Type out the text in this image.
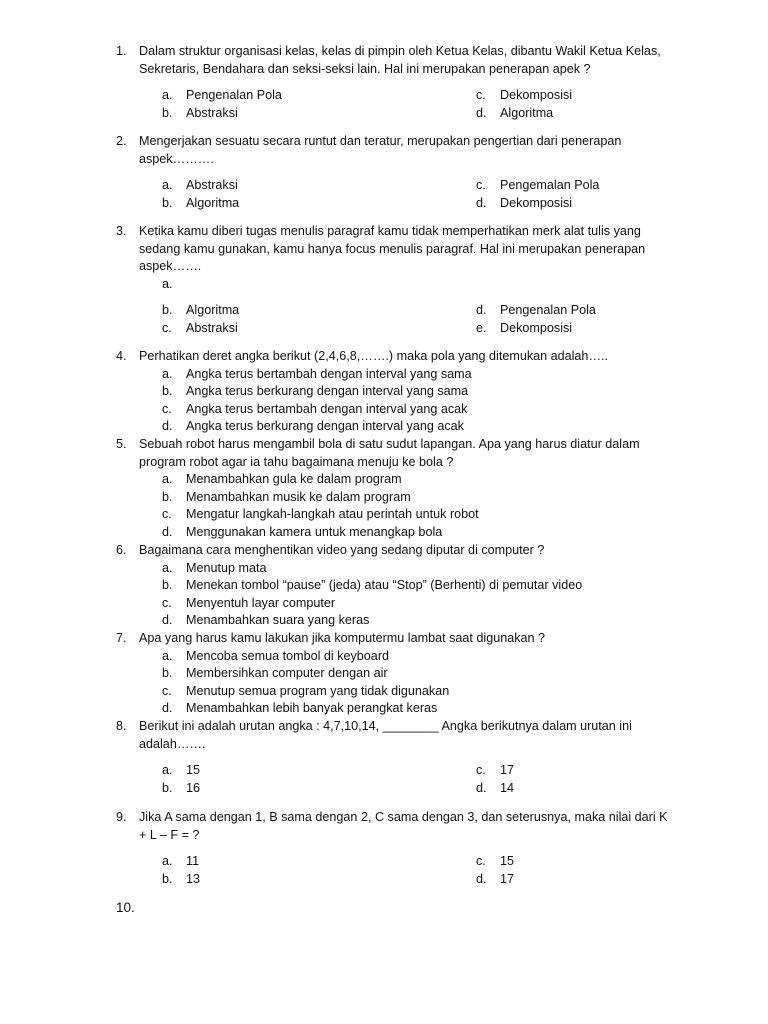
1. Dalam struktur organisasi kelas, kelas di pimpin oleh Ketua Kelas, dibantu Wakil Ketua Kelas, Sekretaris, Bendahara dan seksi-seksi lain. Hal ini merupakan penerapan apek ?
a. Pengenalan Pola	c. Dekomposisi
b. Abstraksi	d. Algoritma
2. Mengerjakan sesuatu secara runtut dan teratur, merupakan pengertian dari penerapan aspek……….
a. Abstraksi	c. Pengemalan Pola
b. Algoritma	d. Dekomposisi
3. Ketika kamu diberi tugas menulis paragraf kamu tidak memperhatikan merk alat tulis yang sedang kamu gunakan, kamu hanya focus menulis paragraf. Hal ini merupakan penerapan aspek…….
a.
b. Algoritma	d. Pengenalan Pola
c. Abstraksi	e. Dekomposisi
4. Perhatikan deret angka berikut (2,4,6,8,…….) maka pola yang ditemukan adalah…..
a. Angka terus bertambah dengan interval yang sama
b. Angka terus berkurang dengan interval yang sama
c. Angka terus bertambah dengan interval yang acak
d. Angka terus berkurang dengan interval yang acak
5. Sebuah robot harus mengambil bola di satu sudut lapangan. Apa yang harus diatur dalam program robot agar ia tahu bagaimana menuju ke bola ?
a. Menambahkan gula ke dalam program
b. Menambahkan musik ke dalam program
c. Mengatur langkah-langkah atau perintah untuk robot
d. Menggunakan kamera untuk menangkap bola
6. Bagaimana cara menghentikan video yang sedang diputar di computer ?
a. Menutup mata
b. Menekan tombol “pause” (jeda) atau “Stop” (Berhenti) di pemutar video
c. Menyentuh layar computer
d. Menambahkan suara yang keras
7. Apa yang harus kamu lakukan jika komputermu lambat saat digunakan ?
a. Mencoba semua tombol di keyboard
b. Membersihkan computer dengan air
c. Menutup semua program yang tidak digunakan
d. Menambahkan lebih banyak perangkat keras
8. Berikut ini adalah urutan angka : 4,7,10,14, ________ Angka berikutnya dalam urutan ini adalah…….
a. 15	c. 17
b. 16	d. 14
9. Jika A sama dengan 1, B sama dengan 2, C sama dengan 3, dan seterusnya, maka nilai dari K + L – F = ?
a. 11	c. 15
b. 13	d. 17
10.
